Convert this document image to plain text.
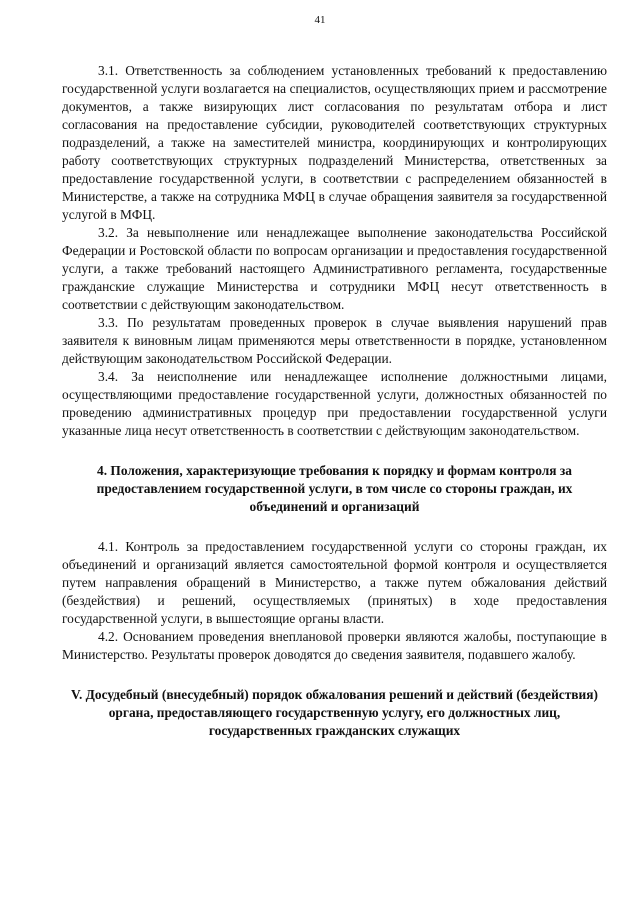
41

3.1. Ответственность за соблюдением установленных требований к предоставлению государственной услуги возлагается на специалистов, осуществляющих прием и рассмотрение документов, а также визирующих лист согласования по результатам отбора и лист согласования на предоставление субсидии, руководителей соответствующих структурных подразделений, а также на заместителей министра, координирующих и контролирующих работу соответствующих структурных подразделений Министерства, ответственных за предоставление государственной услуги, в соответствии с распределением обязанностей в Министерстве, а также на сотрудника МФЦ в случае обращения заявителя за государственной услугой в МФЦ.

3.2. За невыполнение или ненадлежащее выполнение законодательства Российской Федерации и Ростовской области по вопросам организации и предоставления государственной услуги, а также требований настоящего Административного регламента, государственные гражданские служащие Министерства и сотрудники МФЦ несут ответственность в соответствии с действующим законодательством.

3.3. По результатам проведенных проверок в случае выявления нарушений прав заявителя к виновным лицам применяются меры ответственности в порядке, установленном действующим законодательством Российской Федерации.

3.4. За неисполнение или ненадлежащее исполнение должностными лицами, осуществляющими предоставление государственной услуги, должностных обязанностей по проведению административных процедур при предоставлении государственной услуги указанные лица несут ответственность в соответствии с действующим законодательством.

4. Положения, характеризующие требования к порядку и формам контроля за предоставлением государственной услуги, в том числе со стороны граждан, их объединений и организаций

4.1. Контроль за предоставлением государственной услуги со стороны граждан, их объединений и организаций является самостоятельной формой контроля и осуществляется путем направления обращений в Министерство, а также путем обжалования действий (бездействия) и решений, осуществляемых (принятых) в ходе предоставления государственной услуги, в вышестоящие органы власти.

4.2. Основанием проведения внеплановой проверки являются жалобы, поступающие в Министерство. Результаты проверок доводятся до сведения заявителя, подавшего жалобу.

V. Досудебный (внесудебный) порядок обжалования решений и действий (бездействия) органа, предоставляющего государственную услугу, его должностных лиц, государственных гражданских служащих
